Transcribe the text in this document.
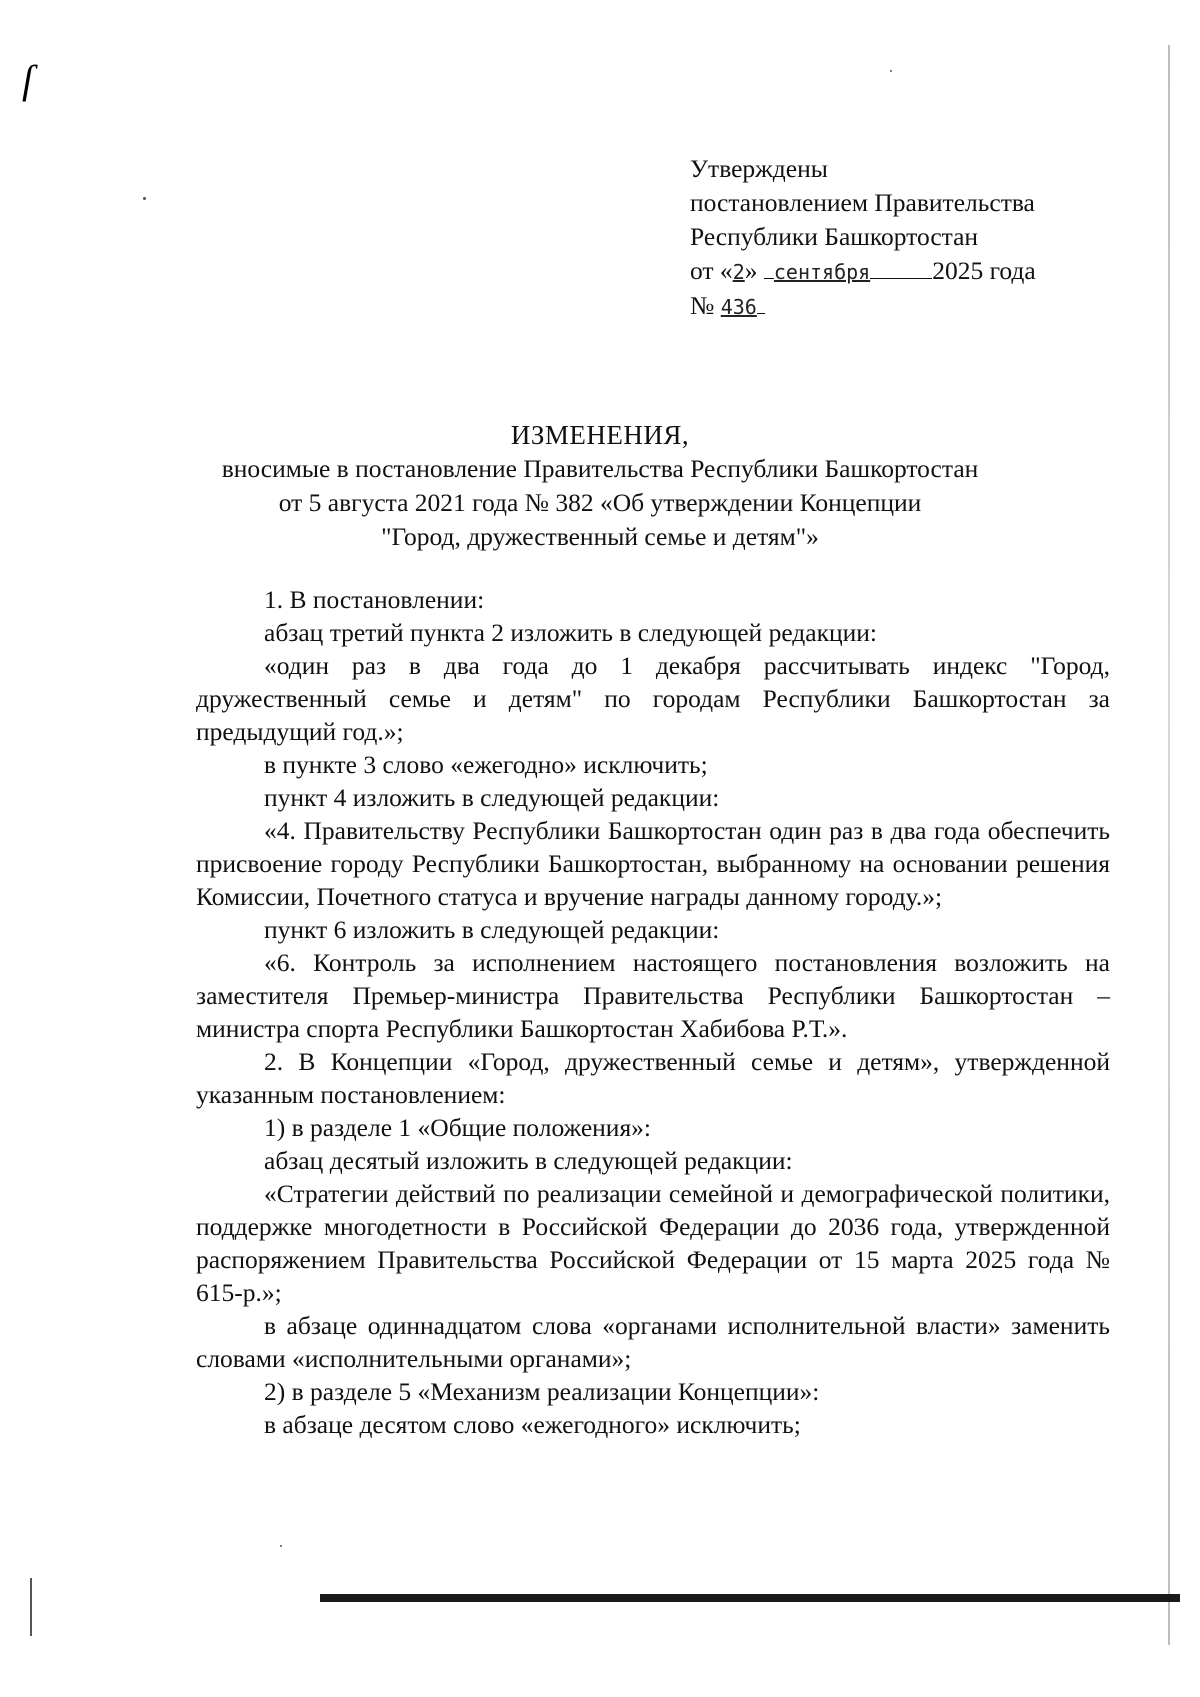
ſ
Утверждены
постановлением Правительства
Республики Башкортостан
от «2» сентября 2025 года
№ 436
ИЗМЕНЕНИЯ,
вносимые в постановление Правительства Республики Башкортостан
от 5 августа 2021 года № 382 «Об утверждении Концепции
"Город, дружественный семье и детям"»

1. В постановлении:

абзац третий пункта 2 изложить в следующей редакции:

«один раз в два года до 1 декабря рассчитывать индекс "Город, дружественный семье и детям" по городам Республики Башкортостан за предыдущий год.»;

в пункте 3 слово «ежегодно» исключить;

пункт 4 изложить в следующей редакции:

«4. Правительству Республики Башкортостан один раз в два года обеспечить присвоение городу Республики Башкортостан, выбранному на основании решения Комиссии, Почетного статуса и вручение награды данному городу.»;

пункт 6 изложить в следующей редакции:

«6. Контроль за исполнением настоящего постановления возложить на заместителя Премьер-министра Правительства Республики Башкортостан – министра спорта Республики Башкортостан Хабибова Р.Т.».

2. В Концепции «Город, дружественный семье и детям», утвержденной указанным постановлением:

1) в разделе 1 «Общие положения»:

абзац десятый изложить в следующей редакции:

«Стратегии действий по реализации семейной и демографической политики, поддержке многодетности в Российской Федерации до 2036 года, утвержденной распоряжением Правительства Российской Федерации от 15 марта 2025 года № 615-р.»;

в абзаце одиннадцатом слова «органами исполнительной власти» заменить словами «исполнительными органами»;

2) в разделе 5 «Механизм реализации Концепции»:

в абзаце десятом слово «ежегодного» исключить;
